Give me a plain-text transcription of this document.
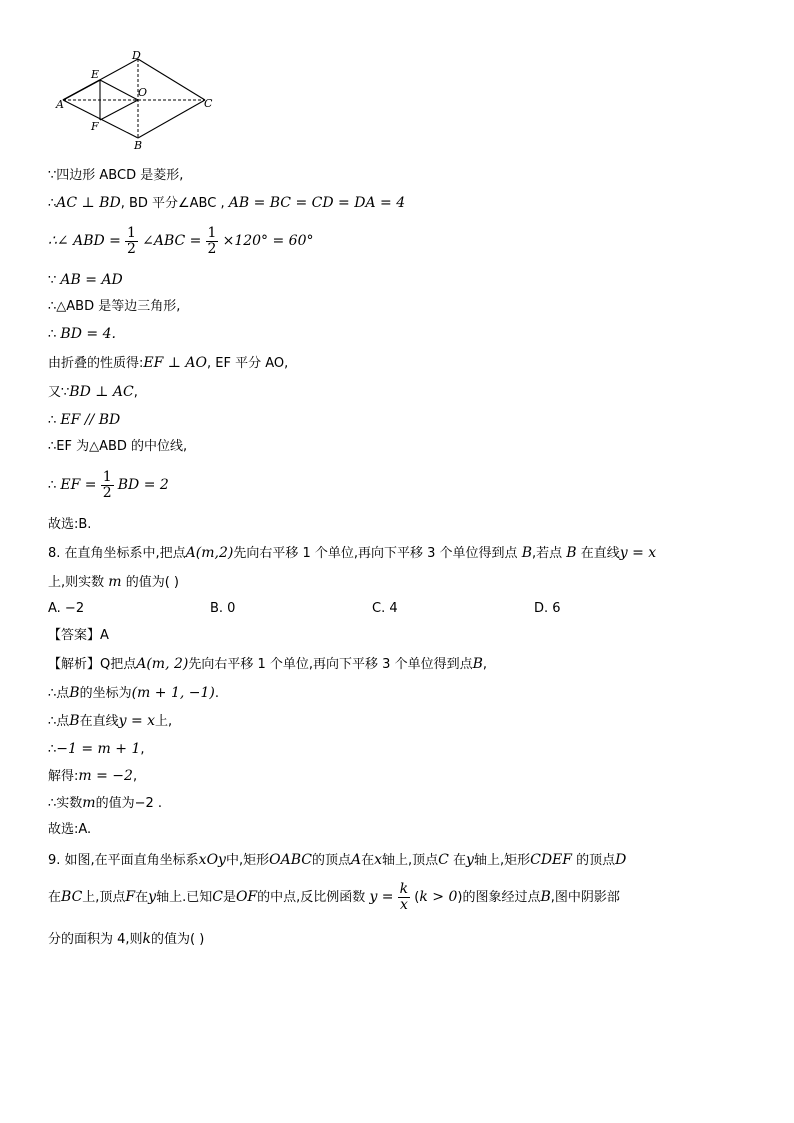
D
E
O
A	C
F
B
∵四边形 ABCD 是菱形,
∴AC ⊥ BD, BD 平分∠ABC , AB = BC = CD = DA = 4
∴∠ ABD = $\frac{1}{2}$ ∠ABC = $\frac{1}{2} \times 120^\circ = 60^\circ$
∵ AB = AD
∴△ABD 是等边三角形,
∴ BD = 4.
由折叠的性质得:EF ⊥ AO, EF 平分 AO,
又∵BD ⊥ AC,
∴ EF // BD
∴EF 为△ABD 的中位线,
∴ EF = $\frac{1}{2}$ BD = 2
故选:B.
8. 在直角坐标系中,把点A(m,2)先向右平移 1 个单位,再向下平移 3 个单位得到点 B,若点 B 在直线y = x
上,则实数 m 的值为( )
A. −2	B. 0	C. 4	D. 6
【答案】A
【解析】Q把点A(m, 2)先向右平移 1 个单位,再向下平移 3 个单位得到点B,
∴点B的坐标为(m + 1, −1).
∴点B在直线y = x上,
∴−1 = m + 1,
解得:m = −2,
∴实数m的值为−2 .
故选:A.
9. 如图,在平面直角坐标系xOy中,矩形OABC的顶点A在x轴上,顶点C 在y轴上,矩形CDEF 的顶点D
在BC上,顶点F在y轴上.已知C是OF的中点,反比例函数 $y = \frac{k}{x} (k > 0)$的图象经过点B,图中阴影部
分的面积为 4,则k的值为( )
